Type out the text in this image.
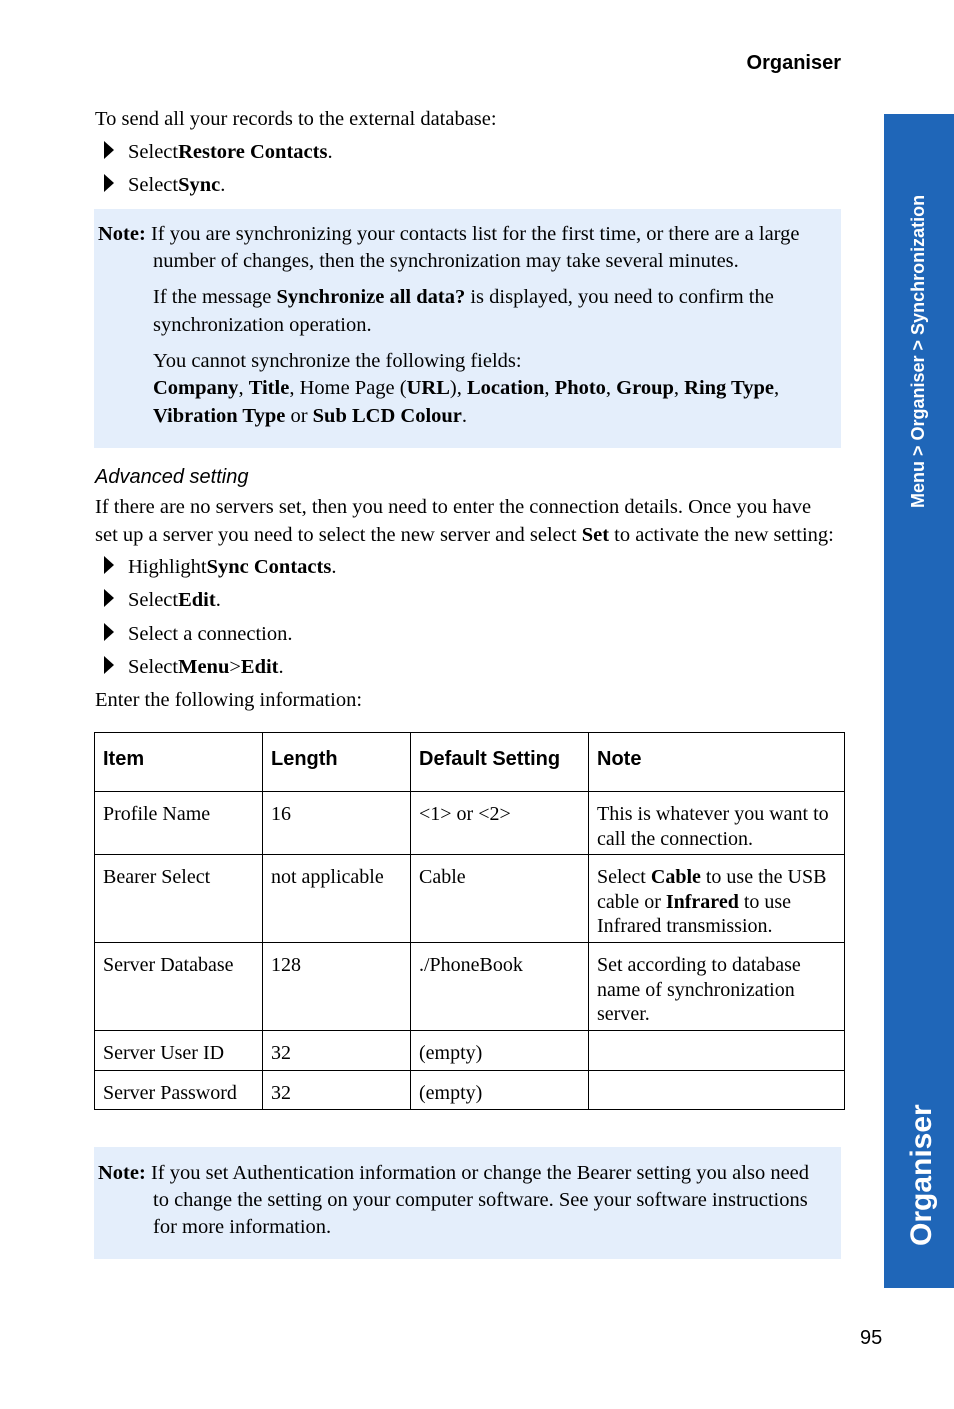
Organiser
Menu > Organiser > Synchronization
Organiser
To send all your records to the external database:
Select Restore Contacts .
Select Sync .
Note: If you are synchronizing your contacts list for the first time, or there are a large
number of changes, then the synchronization may take several minutes.
If the message Synchronize all data? is displayed, you need to confirm the
synchronization operation.
You cannot synchronize the following fields:
Company, Title, Home Page (URL), Location, Photo, Group, Ring Type,
Vibration Type or Sub LCD Colour.
Advanced setting
If there are no servers set, then you need to enter the connection details. Once you have
set up a server you need to select the new server and select Set to activate the new setting:
Highlight Sync Contacts .
Select Edit .
Select a connection.
Select Menu > Edit .
Enter the following information:
Item	Length	Default Setting	Note
Profile Name	16	<1> or <2>	This is whatever you want to call the connection.
Bearer Select	not applicable	Cable	Select Cable to use the USB cable or Infrared to use Infrared transmission.
Server Database	128	./PhoneBook	Set according to database name of synchronization server.
Server User ID	32	(empty)	
Server Password	32	(empty)	
Note: If you set Authentication information or change the Bearer setting you also need
to change the setting on your computer software. See your software instructions
for more information.
95
